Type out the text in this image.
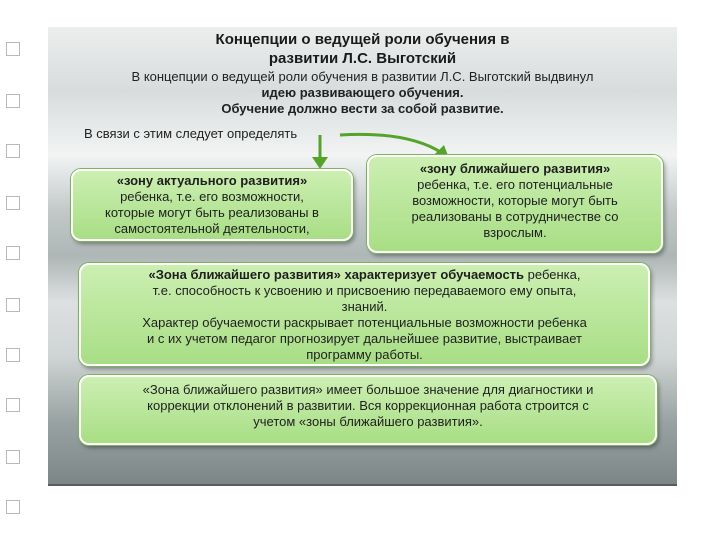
Концепции о ведущей роли обучения в
развитии Л.С. Выготский
В концепции о ведущей роли обучения в развитии Л.С. Выготский выдвинул
идею развивающего обучения.
Обучение должно вести за собой развитие.
В связи с этим следует определять
«зону актуального развития»
ребенка, т.е. его возможности,
которые могут быть реализованы в
самостоятельной деятельности,
«зону ближайшего развития»
ребенка, т.е. его потенциальные
возможности, которые могут быть
реализованы в сотрудничестве со
взрослым.
«Зона ближайшего развития» характеризует обучаемость ребенка,
т.е. способность к усвоению и присвоению передаваемого ему опыта,
знаний.
Характер обучаемости раскрывает потенциальные возможности ребенка
и с их учетом педагог прогнозирует дальнейшее развитие, выстраивает
программу работы.
«Зона ближайшего развития» имеет большое значение для диагностики и
коррекции отклонений в развитии. Вся коррекционная работа строится с
учетом «зоны ближайшего развития».
